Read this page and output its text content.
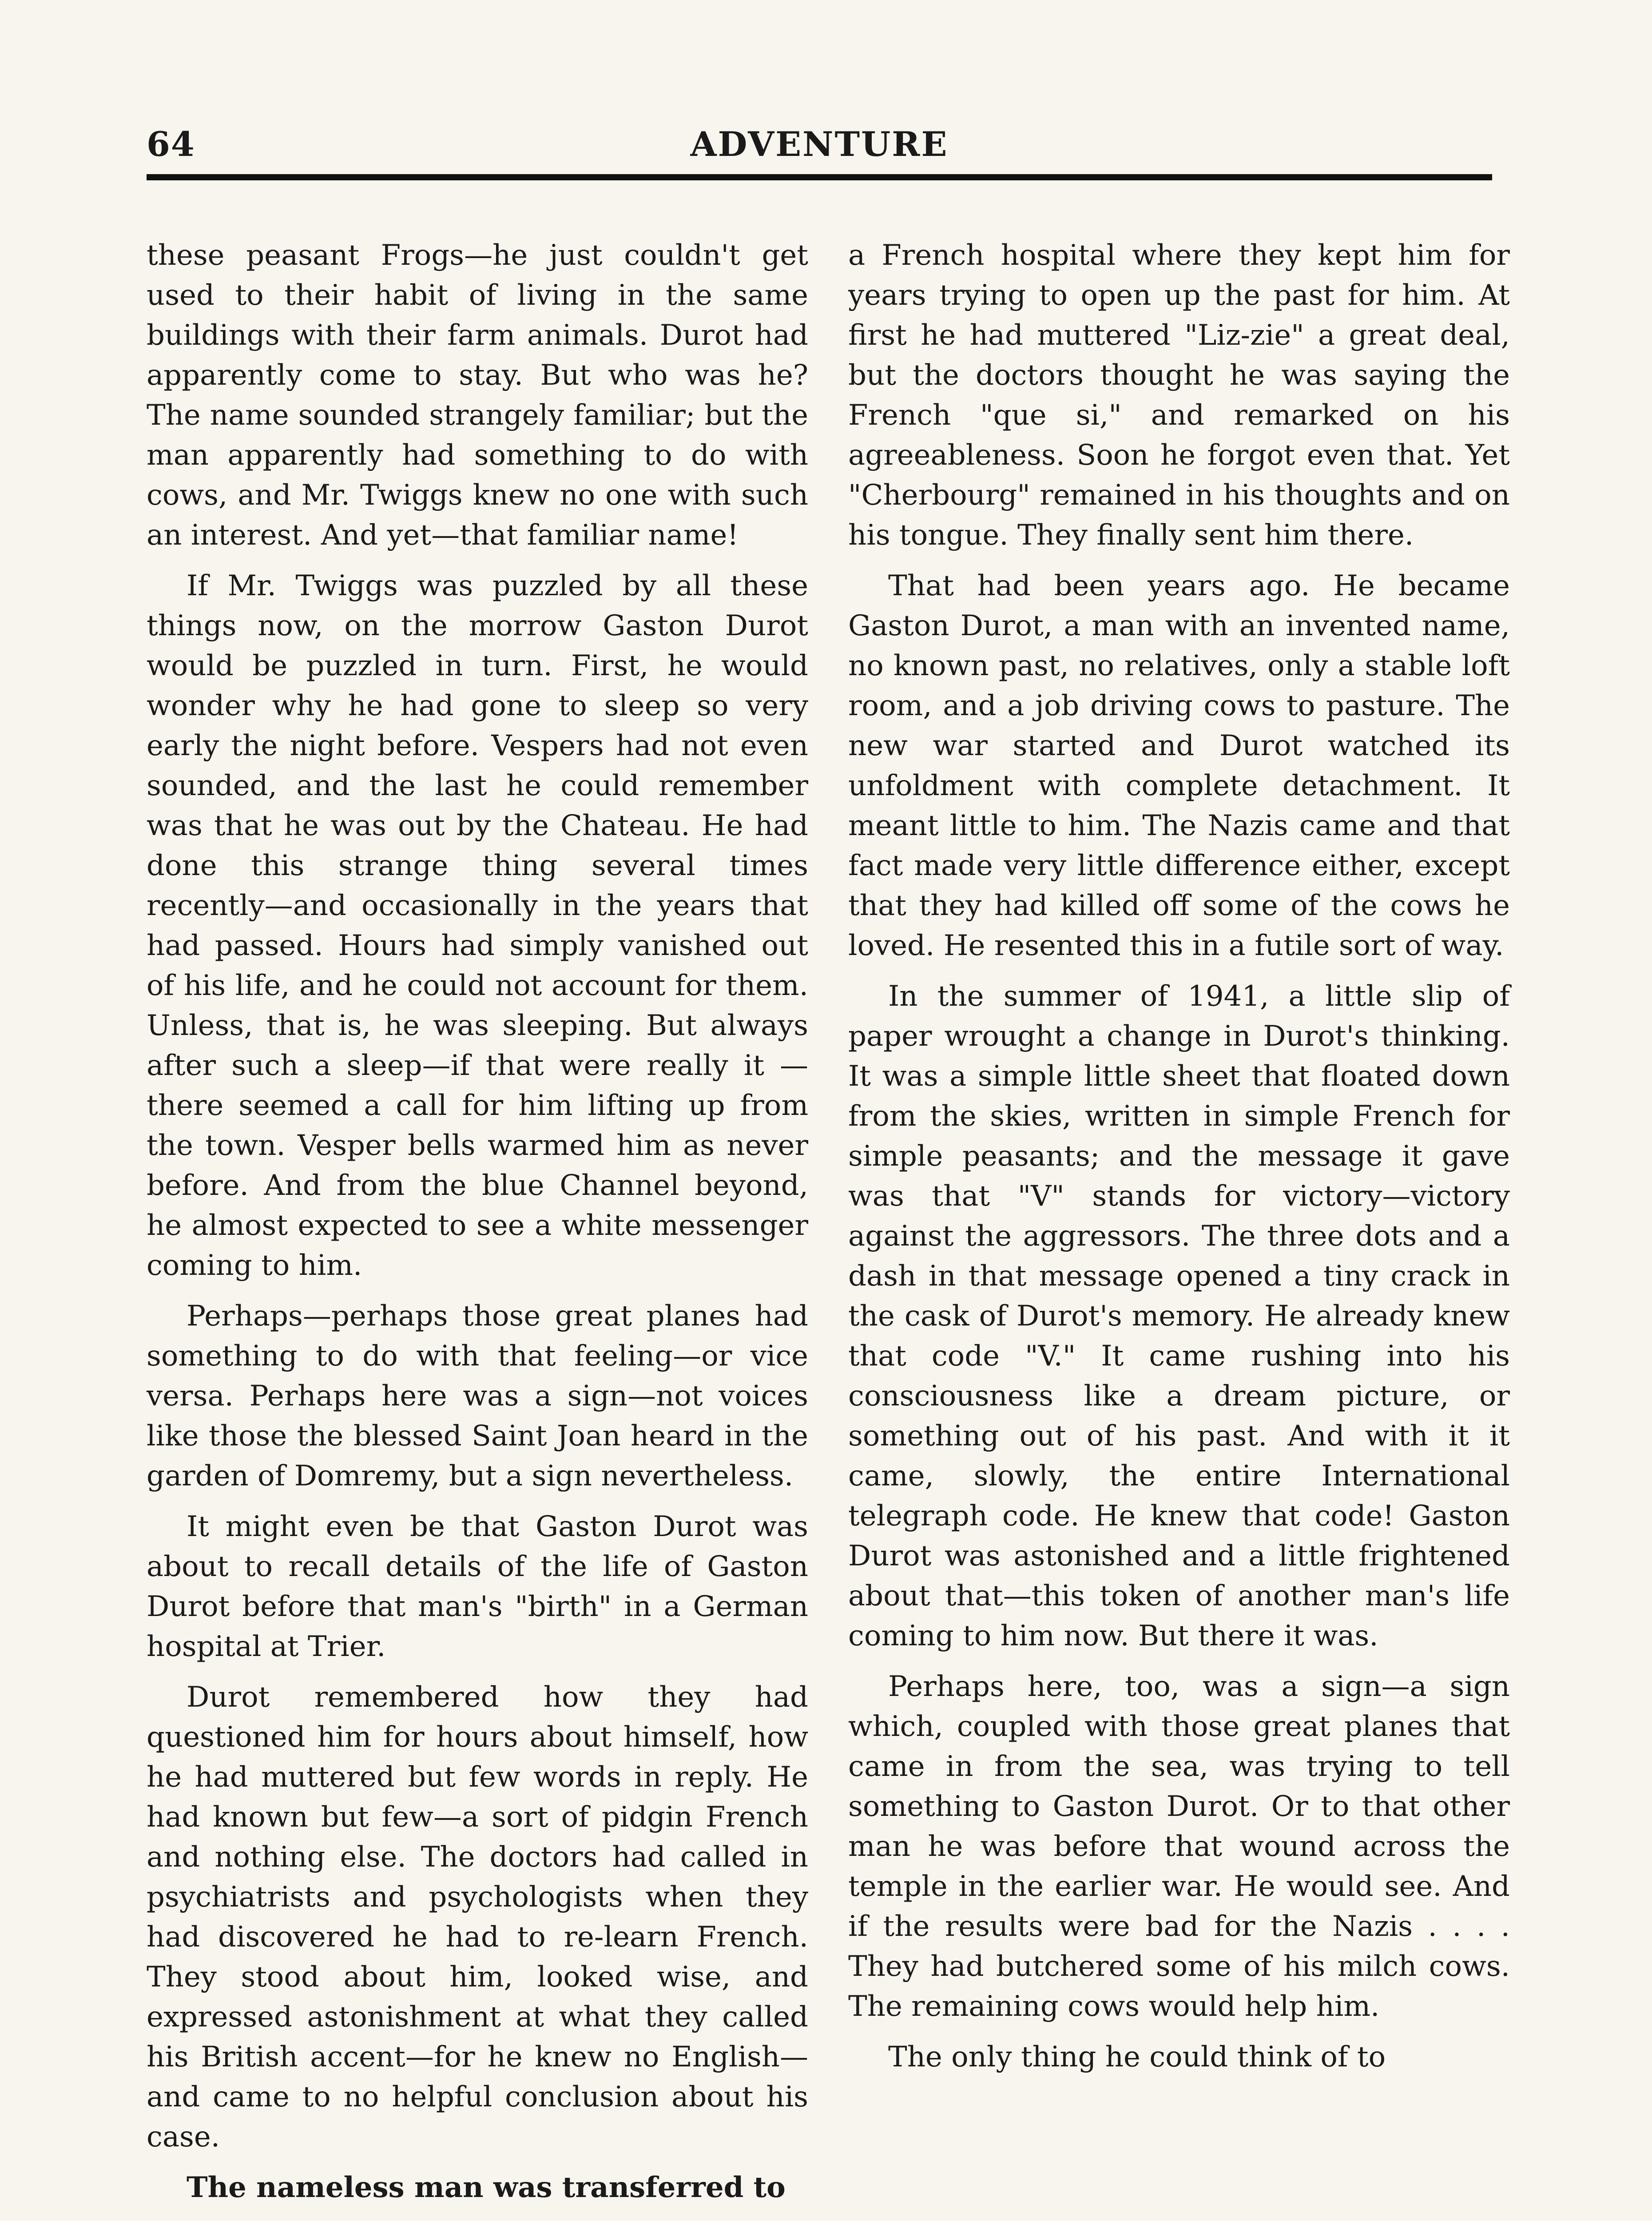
64	ADVENTURE

these peasant Frogs—he just couldn't get used to their habit of living in the same buildings with their farm animals. Durot had apparently come to stay. But who was he? The name sounded strangely familiar; but the man apparently had something to do with cows, and Mr. Twiggs knew no one with such an interest. And yet—that familiar name!

If Mr. Twiggs was puzzled by all these things now, on the morrow Gaston Durot would be puzzled in turn. First, he would wonder why he had gone to sleep so very early the night before. Vespers had not even sounded, and the last he could remember was that he was out by the Chateau. He had done this strange thing several times recently—and occasionally in the years that had passed. Hours had simply vanished out of his life, and he could not account for them. Unless, that is, he was sleeping. But always after such a sleep—if that were really it — there seemed a call for him lifting up from the town. Vesper bells warmed him as never before. And from the blue Channel beyond, he almost expected to see a white messenger coming to him.

Perhaps—perhaps those great planes had something to do with that feeling—or vice versa. Perhaps here was a sign—not voices like those the blessed Saint Joan heard in the garden of Domremy, but a sign nevertheless.

It might even be that Gaston Durot was about to recall details of the life of Gaston Durot before that man's "birth" in a German hospital at Trier.

Durot remembered how they had questioned him for hours about himself, how he had muttered but few words in reply. He had known but few—a sort of pidgin French and nothing else. The doctors had called in psychiatrists and psychologists when they had discovered he had to re-learn French. They stood about him, looked wise, and expressed astonishment at what they called his British accent—for he knew no English—and came to no helpful conclusion about his case.

The nameless man was transferred to

a French hospital where they kept him for years trying to open up the past for him. At first he had muttered "Liz-zie" a great deal, but the doctors thought he was saying the French "que si," and remarked on his agreeableness. Soon he forgot even that. Yet "Cherbourg" remained in his thoughts and on his tongue. They finally sent him there.

That had been years ago. He became Gaston Durot, a man with an invented name, no known past, no relatives, only a stable loft room, and a job driving cows to pasture. The new war started and Durot watched its unfoldment with complete detachment. It meant little to him. The Nazis came and that fact made very little difference either, except that they had killed off some of the cows he loved. He resented this in a futile sort of way.

In the summer of 1941, a little slip of paper wrought a change in Durot's thinking. It was a simple little sheet that floated down from the skies, written in simple French for simple peasants; and the message it gave was that "V" stands for victory—victory against the aggressors. The three dots and a dash in that message opened a tiny crack in the cask of Durot's memory. He already knew that code "V." It came rushing into his consciousness like a dream picture, or something out of his past. And with it it came, slowly, the entire International telegraph code. He knew that code! Gaston Durot was astonished and a little frightened about that—this token of another man's life coming to him now. But there it was.

Perhaps here, too, was a sign—a sign which, coupled with those great planes that came in from the sea, was trying to tell something to Gaston Durot. Or to that other man he was before that wound across the temple in the earlier war. He would see. And if the results were bad for the Nazis . . . . They had butchered some of his milch cows. The remaining cows would help him.

The only thing he could think of to
